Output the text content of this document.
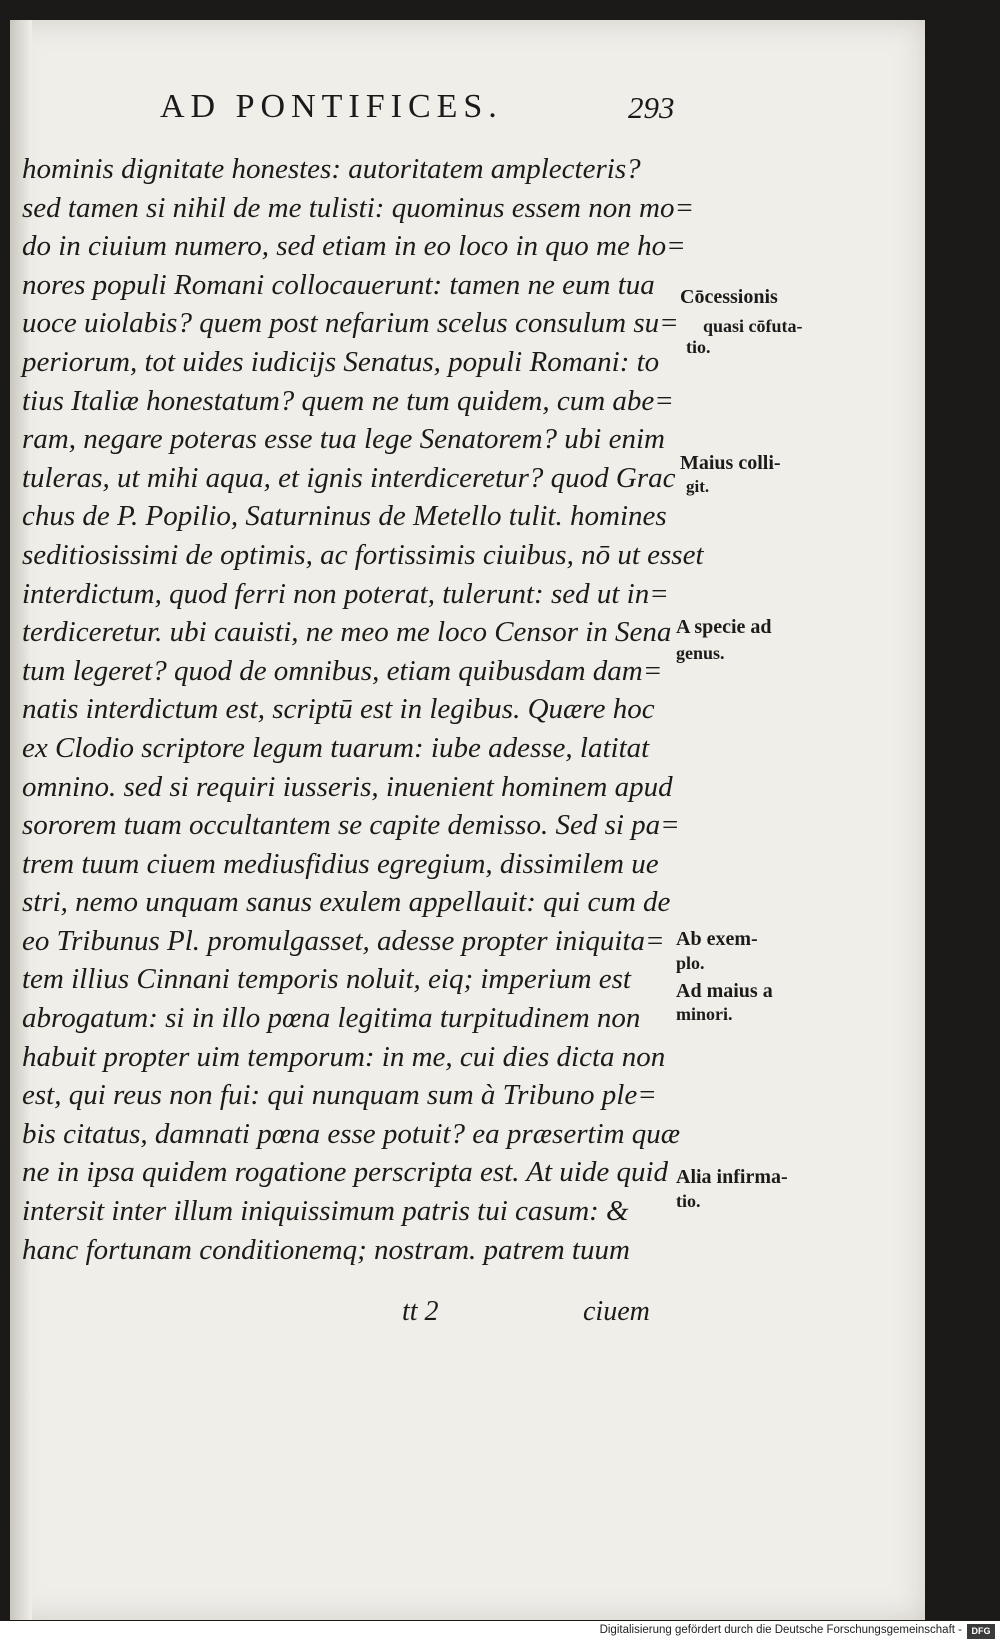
AD PONTIFICES.	293
hominis dignitate honestes: autoritatem amplecteris?
sed tamen si nihil de me tulisti: quominus essem non mo=
do in ciuium numero, sed etiam in eo loco in quo me ho=
nores populi Romani collocauerunt: tamen ne eum tua
uoce uiolabis? quem post nefarium scelus consulum su=
periorum, tot uides iudicijs Senatus, populi Romani: to
tius Italiæ honestatum? quem ne tum quidem, cum abe=
ram, negare poteras esse tua lege Senatorem? ubi enim
tuleras, ut mihi aqua, et ignis interdiceretur? quod Grac
chus de P. Popilio, Saturninus de Metello tulit. homines
seditiosissimi de optimis, ac fortissimis ciuibus, nō ut esset
interdictum, quod ferri non poterat, tulerunt: sed ut in=
terdiceretur. ubi cauisti, ne meo me loco Censor in Sena
tum legeret? quod de omnibus, etiam quibusdam dam=
natis interdictum est, scriptū est in legibus. Quære hoc
ex Clodio scriptore legum tuarum: iube adesse, latitat
omnino. sed si requiri iusseris, inuenient hominem apud
sororem tuam occultantem se capite demisso. Sed si pa=
trem tuum ciuem mediusfidius egregium, dissimilem ue
stri, nemo unquam sanus exulem appellauit: qui cum de
eo Tribunus Pl. promulgasset, adesse propter iniquita=
tem illius Cinnani temporis noluit, eiq; imperium est
abrogatum: si in illo pœna legitima turpitudinem non
habuit propter uim temporum: in me, cui dies dicta non
est, qui reus non fui: qui nunquam sum à Tribuno ple=
bis citatus, damnati pœna esse potuit? ea præsertim quæ
ne in ipsa quidem rogatione perscripta est. At uide quid
intersit inter illum iniquissimum patris tui casum: &
hanc fortunam conditionemq; nostram. patrem tuum
Cōcessionis
quasi cōfuta-
tio.
Maius colli-
git.
A specie ad
genus.
Ab exem-
plo.
Ad maius a
minori.
Alia infirma-
tio.
tt 2	ciuem
Digitalisierung gefördert durch die Deutsche Forschungsgemeinschaft -	DFG
